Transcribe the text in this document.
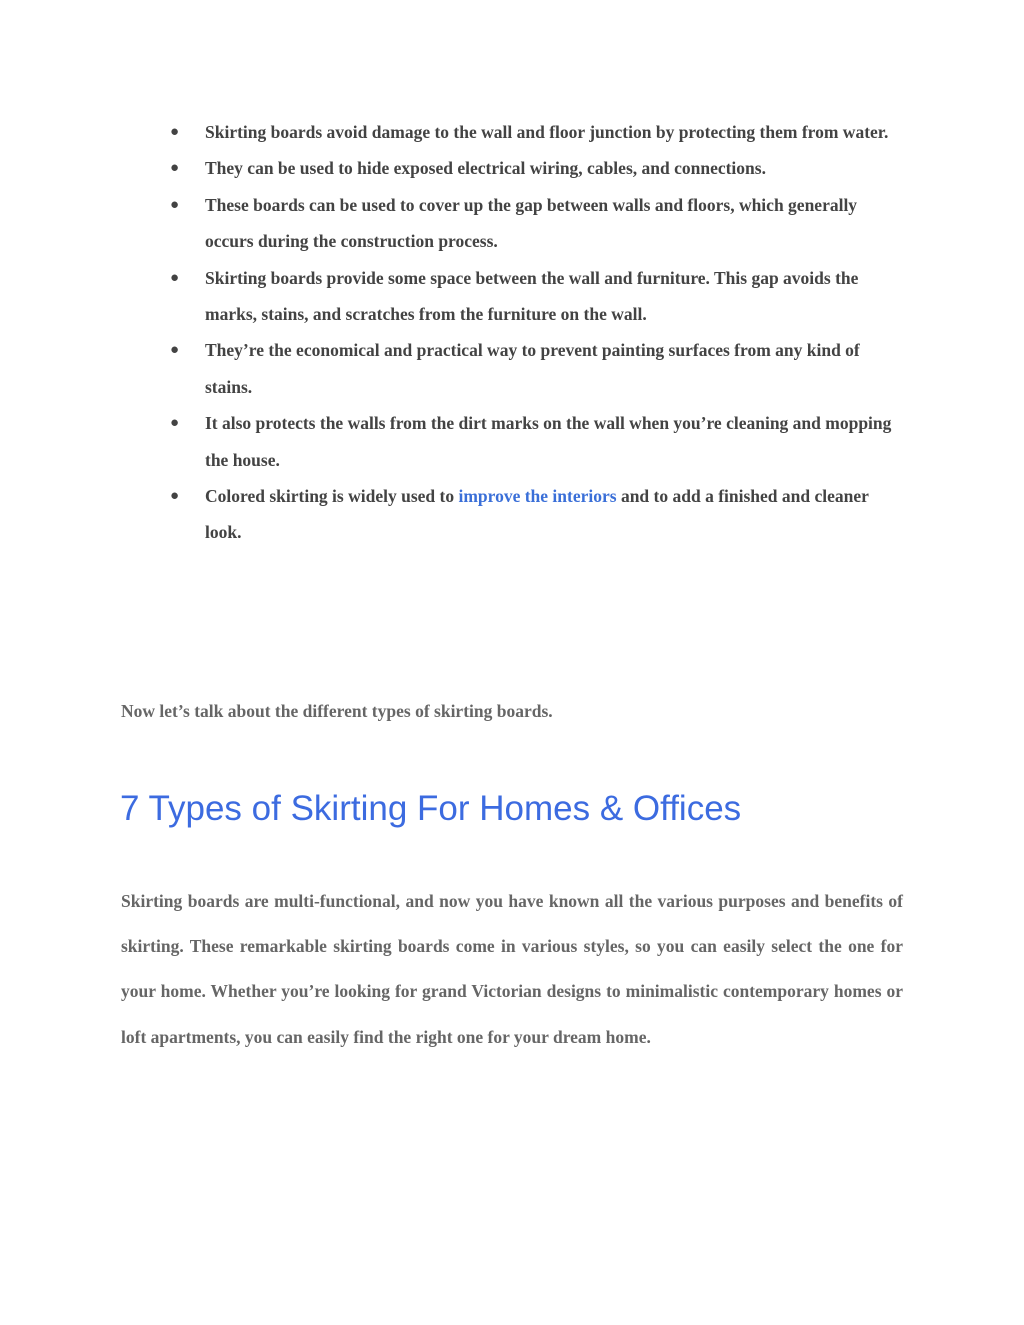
● Skirting boards avoid damage to the wall and floor junction by protecting them from water.
● They can be used to hide exposed electrical wiring, cables, and connections.
● These boards can be used to cover up the gap between walls and floors, which generally occurs during the construction process.
● Skirting boards provide some space between the wall and furniture. This gap avoids the marks, stains, and scratches from the furniture on the wall.
● They’re the economical and practical way to prevent painting surfaces from any kind of stains.
● It also protects the walls from the dirt marks on the wall when you’re cleaning and mopping the house.
● Colored skirting is widely used to improve the interiors and to add a finished and cleaner look.

Now let’s talk about the different types of skirting boards.

7 Types of Skirting For Homes & Offices

Skirting boards are multi-functional, and now you have known all the various purposes and benefits of skirting. These remarkable skirting boards come in various styles, so you can easily select the one for your home. Whether you’re looking for grand Victorian designs to minimalistic contemporary homes or loft apartments, you can easily find the right one for your dream home.
